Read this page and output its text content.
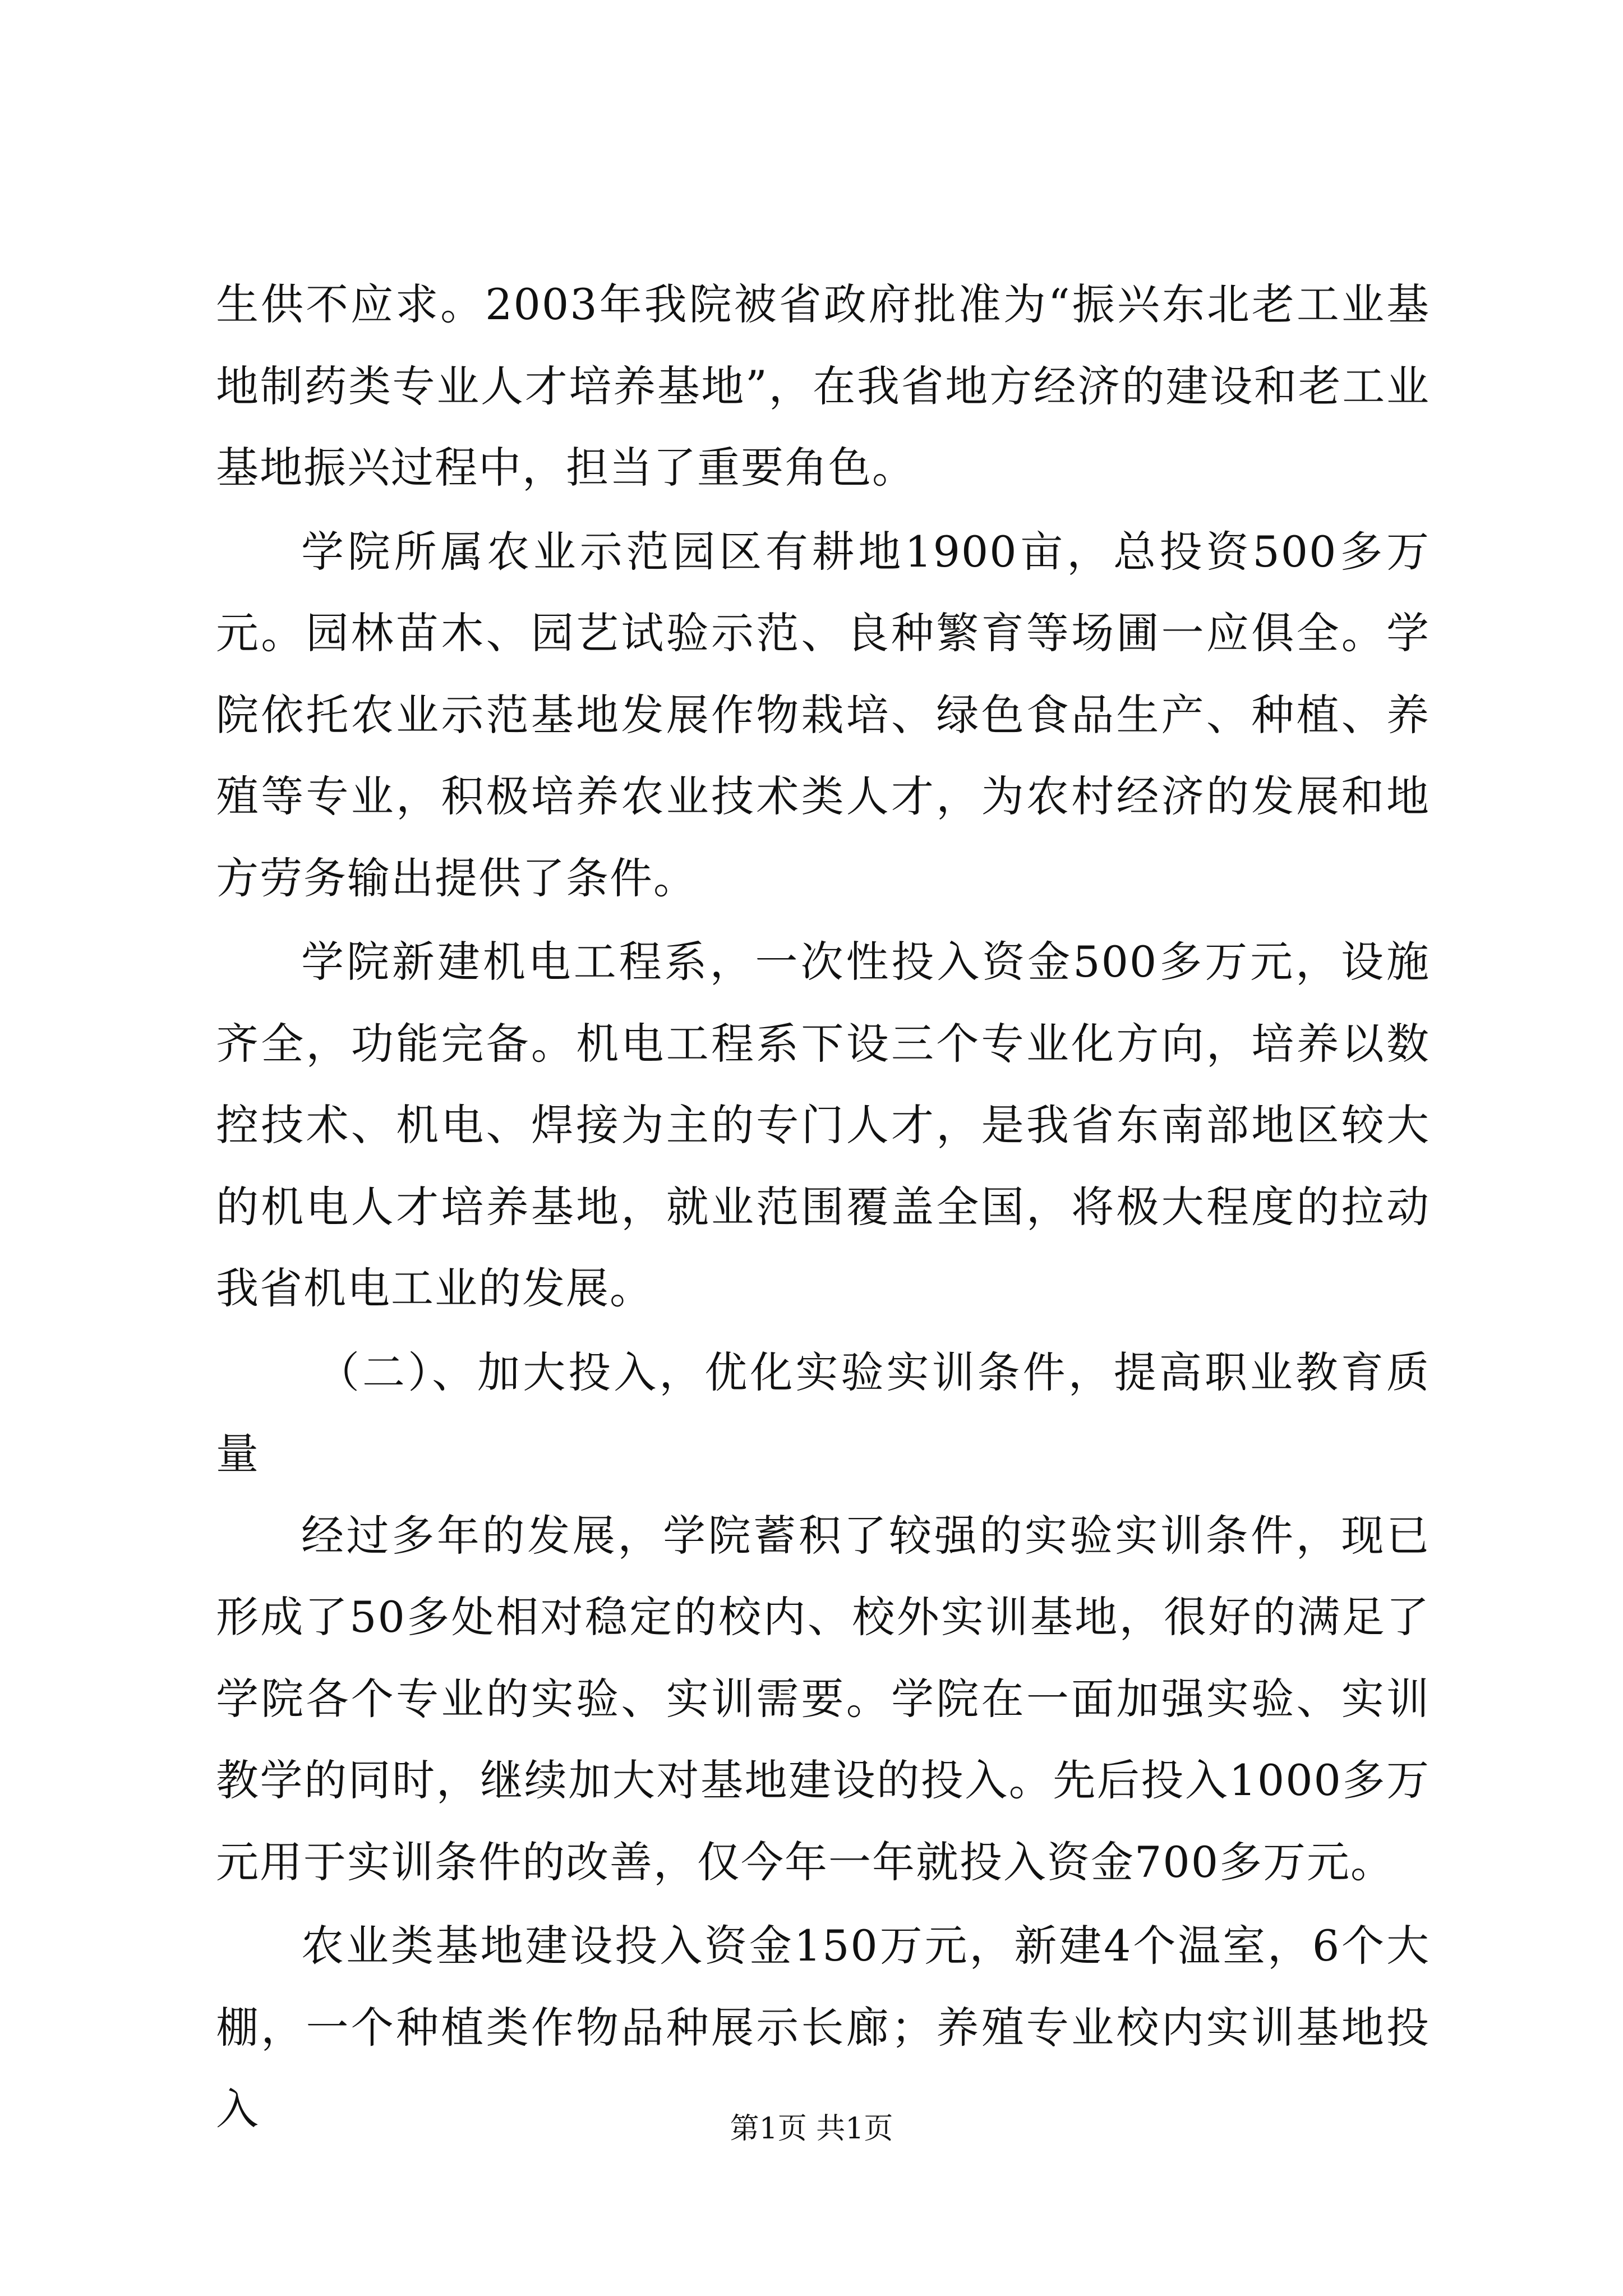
生供不应求。2003年我院被省政府批准为“振兴东北老工业基地制药类专业人才培养基地”，在我省地方经济的建设和老工业基地振兴过程中，担当了重要角色。

学院所属农业示范园区有耕地1900亩，总投资500多万元。园林苗木、园艺试验示范、良种繁育等场圃一应俱全。学院依托农业示范基地发展作物栽培、绿色食品生产、种植、养殖等专业，积极培养农业技术类人才，为农村经济的发展和地方劳务输出提供了条件。

学院新建机电工程系，一次性投入资金500多万元，设施齐全，功能完备。机电工程系下设三个专业化方向，培养以数控技术、机电、焊接为主的专门人才，是我省东南部地区较大的机电人才培养基地，就业范围覆盖全国，将极大程度的拉动我省机电工业的发展。

（二）、加大投入，优化实验实训条件，提高职业教育质量

经过多年的发展，学院蓄积了较强的实验实训条件，现已形成了50多处相对稳定的校内、校外实训基地，很好的满足了学院各个专业的实验、实训需要。学院在一面加强实验、实训教学的同时，继续加大对基地建设的投入。先后投入1000多万元用于实训条件的改善，仅今年一年就投入资金700多万元。

农业类基地建设投入资金150万元，新建4个温室，6个大棚，一个种植类作物品种展示长廊；养殖专业校内实训基地投入	第1页 共1页
